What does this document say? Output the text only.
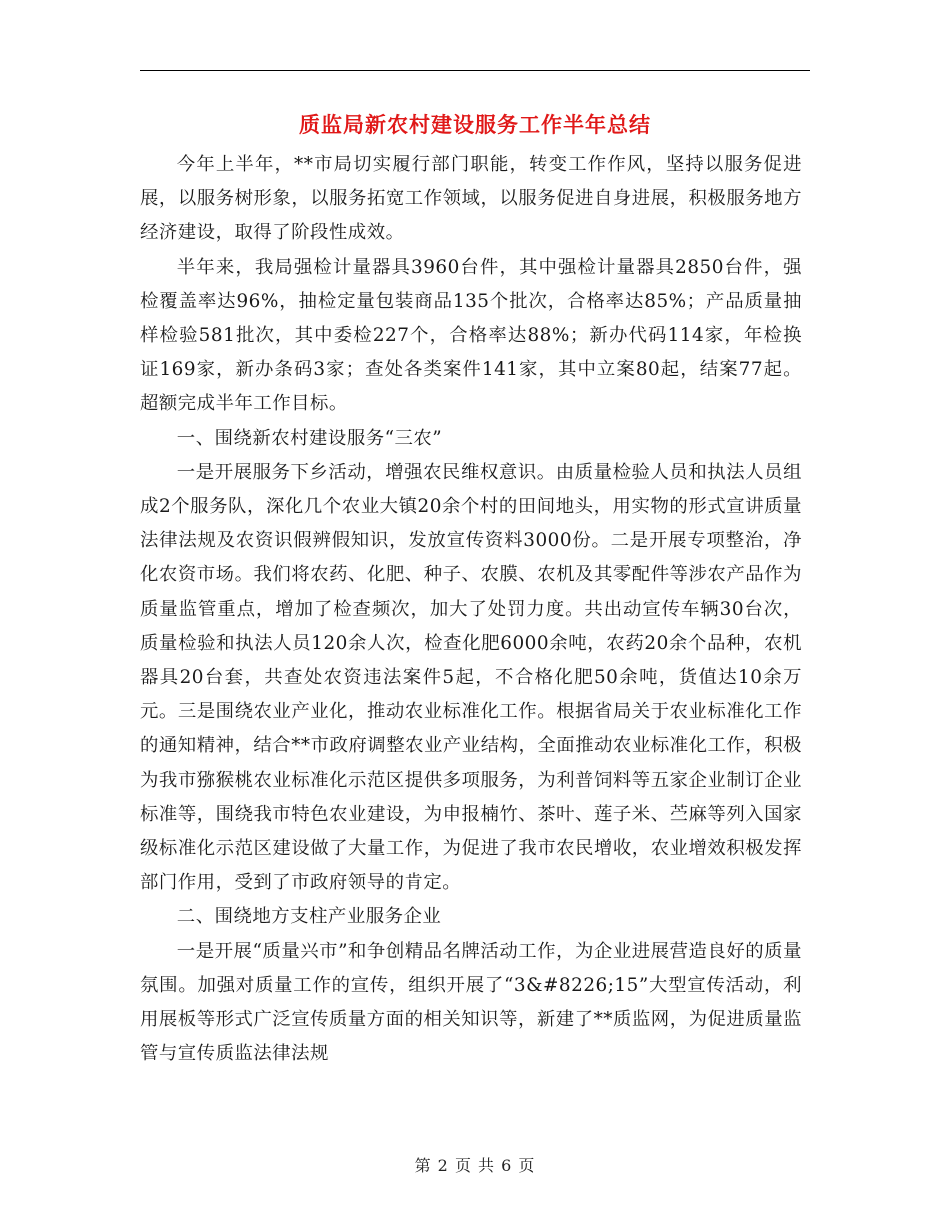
质监局新农村建设服务工作半年总结

今年上半年，**市局切实履行部门职能，转变工作作风，坚持以服务促进展，以服务树形象，以服务拓宽工作领域，以服务促进自身进展，积极服务地方经济建设，取得了阶段性成效。

半年来，我局强检计量器具3960台件，其中强检计量器具2850台件，强检覆盖率达96%，抽检定量包装商品135个批次，合格率达85%；产品质量抽样检验581批次，其中委检227个，合格率达88%；新办代码114家，年检换证169家，新办条码3家；查处各类案件141家，其中立案80起，结案77起。超额完成半年工作目标。

一、围绕新农村建设服务“三农”

一是开展服务下乡活动，增强农民维权意识。由质量检验人员和执法人员组成2个服务队，深化几个农业大镇20余个村的田间地头，用实物的形式宣讲质量法律法规及农资识假辨假知识，发放宣传资料3000份。二是开展专项整治，净化农资市场。我们将农药、化肥、种子、农膜、农机及其零配件等涉农产品作为质量监管重点，增加了检查频次，加大了处罚力度。共出动宣传车辆30台次，质量检验和执法人员120余人次，检查化肥6000余吨，农药20余个品种，农机器具20台套，共查处农资违法案件5起，不合格化肥50余吨，货值达10余万元。三是围绕农业产业化，推动农业标准化工作。根据省局关于农业标准化工作的通知精神，结合**市政府调整农业产业结构，全面推动农业标准化工作，积极为我市猕猴桃农业标准化示范区提供多项服务，为利普饲料等五家企业制订企业标准等，围绕我市特色农业建设，为申报楠竹、茶叶、莲子米、苎麻等列入国家级标准化示范区建设做了大量工作，为促进了我市农民增收，农业增效积极发挥部门作用，受到了市政府领导的肯定。

二、围绕地方支柱产业服务企业

一是开展“质量兴市”和争创精品名牌活动工作，为企业进展营造良好的质量氛围。加强对质量工作的宣传，组织开展了“3&#8226;15”大型宣传活动，利用展板等形式广泛宣传质量方面的相关知识等，新建了**质监网，为促进质量监管与宣传质监法律法规

第 2 页 共 6 页
